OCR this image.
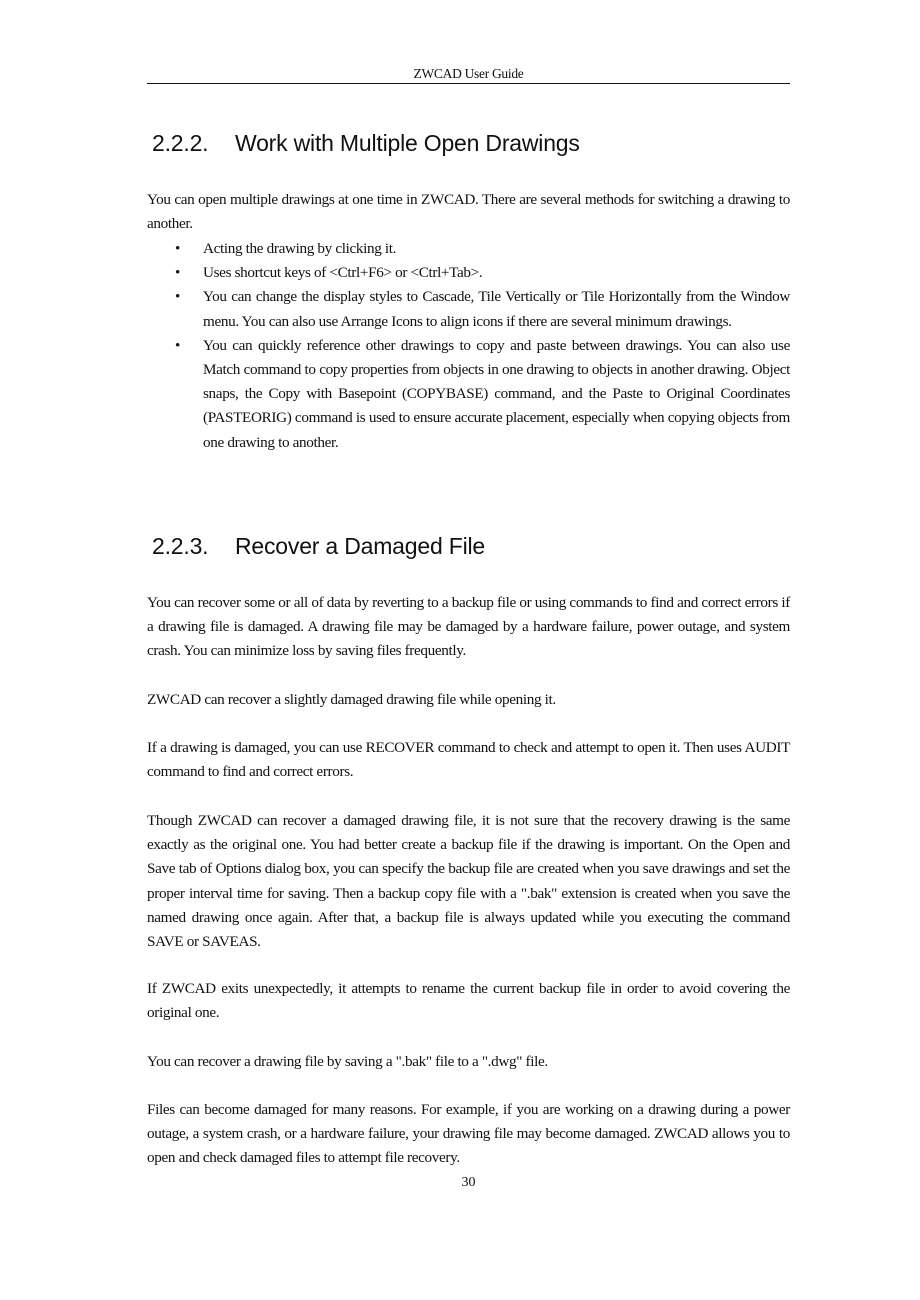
ZWCAD User Guide
2.2.2. Work with Multiple Open Drawings

You can open multiple drawings at one time in ZWCAD. There are several methods for switching a drawing to another.

• Acting the drawing by clicking it.
• Uses shortcut keys of <Ctrl+F6> or <Ctrl+Tab>.
• You can change the display styles to Cascade, Tile Vertically or Tile Horizontally from the Window menu. You can also use Arrange Icons to align icons if there are several minimum drawings.
• You can quickly reference other drawings to copy and paste between drawings. You can also use Match command to copy properties from objects in one drawing to objects in another drawing. Object snaps, the Copy with Basepoint (COPYBASE) command, and the Paste to Original Coordinates (PASTEORIG) command is used to ensure accurate placement, especially when copying objects from one drawing to another.
2.2.3. Recover a Damaged File

You can recover some or all of data by reverting to a backup file or using commands to find and correct errors if a drawing file is damaged. A drawing file may be damaged by a hardware failure, power outage, and system crash. You can minimize loss by saving files frequently.

ZWCAD can recover a slightly damaged drawing file while opening it.

If a drawing is damaged, you can use RECOVER command to check and attempt to open it. Then uses AUDIT command to find and correct errors.

Though ZWCAD can recover a damaged drawing file, it is not sure that the recovery drawing is the same exactly as the original one. You had better create a backup file if the drawing is important. On the Open and Save tab of Options dialog box, you can specify the backup file are created when you save drawings and set the proper interval time for saving. Then a backup copy file with a ".bak" extension is created when you save the named drawing once again. After that, a backup file is always updated while you executing the command SAVE or SAVEAS.

If ZWCAD exits unexpectedly, it attempts to rename the current backup file in order to avoid covering the original one.

You can recover a drawing file by saving a ".bak" file to a ".dwg" file.

Files can become damaged for many reasons. For example, if you are working on a drawing during a power outage, a system crash, or a hardware failure, your drawing file may become damaged. ZWCAD allows you to open and check damaged files to attempt file recovery.

30
